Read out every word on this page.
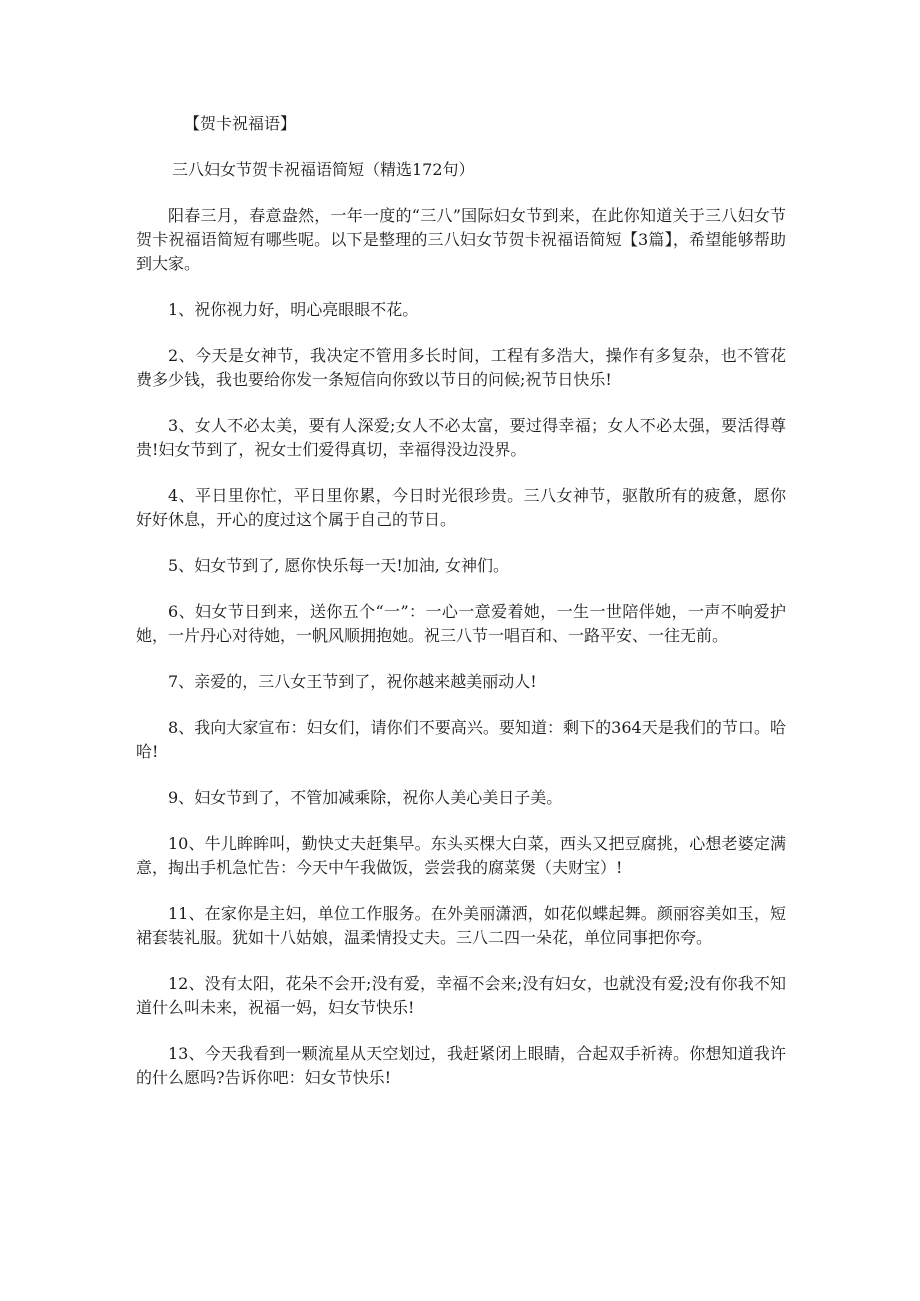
【贺卡祝福语】
三八妇女节贺卡祝福语简短（精选172句）

阳春三月，春意盎然，一年一度的“三八”国际妇女节到来，在此你知道关于三八妇女节贺卡祝福语简短有哪些呢。以下是整理的三八妇女节贺卡祝福语简短【3篇】，希望能够帮助到大家。

1、祝你视力好，明心亮眼眼不花。

2、今天是女神节，我决定不管用多长时间，工程有多浩大，操作有多复杂，也不管花费多少钱，我也要给你发一条短信向你致以节日的问候;祝节日快乐!

3、女人不必太美，要有人深爱;女人不必太富，要过得幸福；女人不必太强，要活得尊贵!妇女节到了，祝女士们爱得真切，幸福得没边没界。

4、平日里你忙，平日里你累，今日时光很珍贵。三八女神节，驱散所有的疲惫，愿你好好休息，开心的度过这个属于自己的节日。

5、妇女节到了, 愿你快乐每一天!加油, 女神们。

6、妇女节日到来，送你五个“一”：一心一意爱着她，一生一世陪伴她，一声不响爱护她，一片丹心对待她，一帆风顺拥抱她。祝三八节一唱百和、一路平安、一往无前。

7、亲爱的，三八女王节到了，祝你越来越美丽动人!

8、我向大家宣布：妇女们，请你们不要高兴。要知道：剩下的364天是我们的节口。哈哈!

9、妇女节到了，不管加减乘除，祝你人美心美日子美。

10、牛儿眸眸叫，勤快丈夫赶集早。东头买棵大白菜，西头又把豆腐挑，心想老婆定满意，掏出手机急忙告：今天中午我做饭，尝尝我的腐菜煲（夫财宝）!

11、在家你是主妇，单位工作服务。在外美丽潇洒，如花似蝶起舞。颜丽容美如玉，短裙套装礼服。犹如十八姑娘，温柔情投丈夫。三八二四一朵花，单位同事把你夸。

12、没有太阳，花朵不会开;没有爱，幸福不会来;没有妇女，也就没有爱;没有你我不知道什么叫未来，祝福一妈，妇女节快乐!

13、今天我看到一颗流星从天空划过，我赶紧闭上眼睛，合起双手祈祷。你想知道我许的什么愿吗?告诉你吧：妇女节快乐!
